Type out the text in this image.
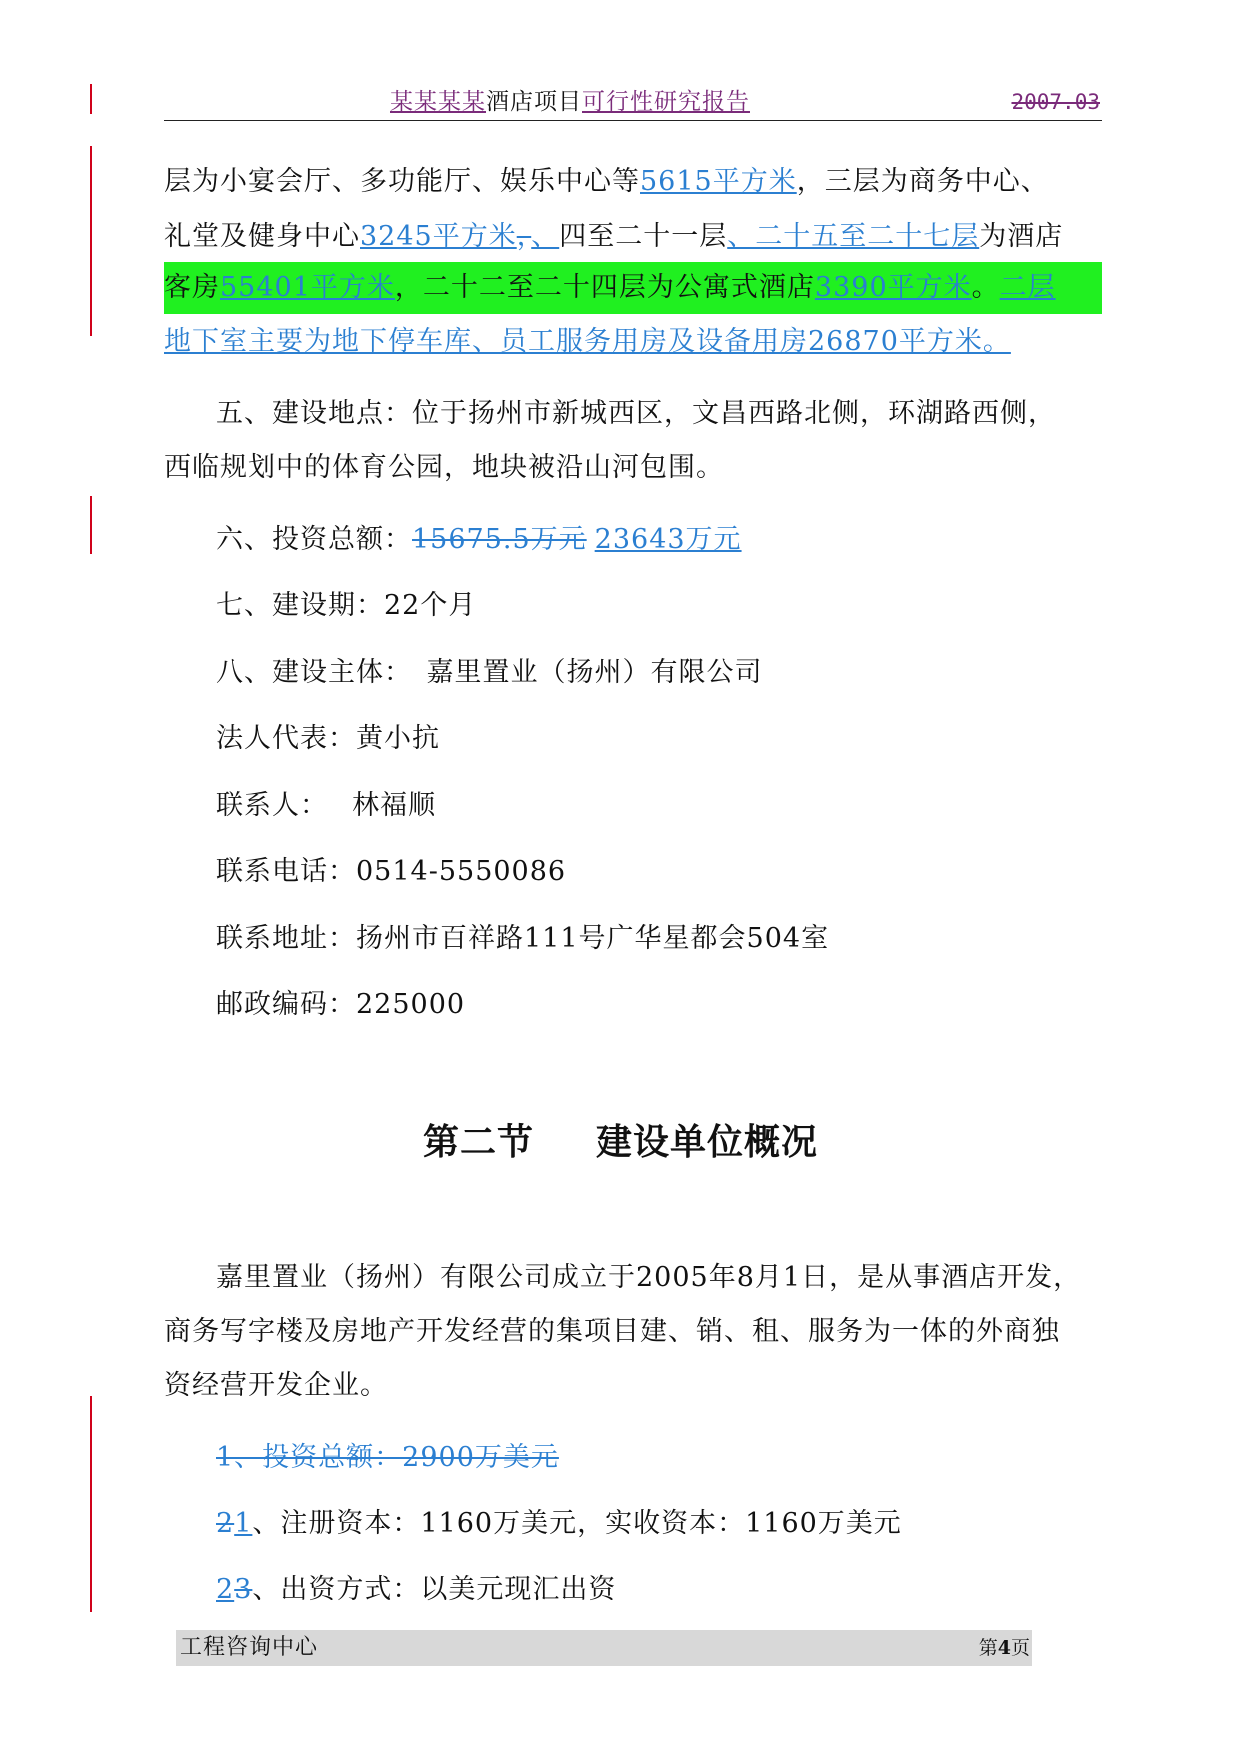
某某某某酒店项目可行性研究报告	2007.03
层为小宴会厅、多功能厅、娱乐中心等5615平方米，三层为商务中心、
礼堂及健身中心3245平方米，、四至二十一层、二十五至二十七层为酒店
客房55401平方米，二十二至二十四层为公寓式酒店3390平方米。二层
地下室主要为地下停车库、员工服务用房及设备用房26870平方米。
五、建设地点：位于扬州市新城西区，文昌西路北侧，环湖路西侧，
西临规划中的体育公园，地块被沿山河包围。
六、投资总额：15675.5万元 23643万元
七、建设期：22个月
八、建设主体：　嘉里置业（扬州）有限公司
法人代表：黄小抗
联系人：　 林福顺
联系电话：0514-5550086
联系地址：扬州市百祥路111号广华星都会504室
邮政编码：225000
第二节 建设单位概况
嘉里置业（扬州）有限公司成立于2005年8月1日，是从事酒店开发，
商务写字楼及房地产开发经营的集项目建、销、租、服务为一体的外商独
资经营开发企业。
1、投资总额：2900万美元
21、注册资本：1160万美元，实收资本：1160万美元
23、出资方式：以美元现汇出资
工程咨询中心	第4页
